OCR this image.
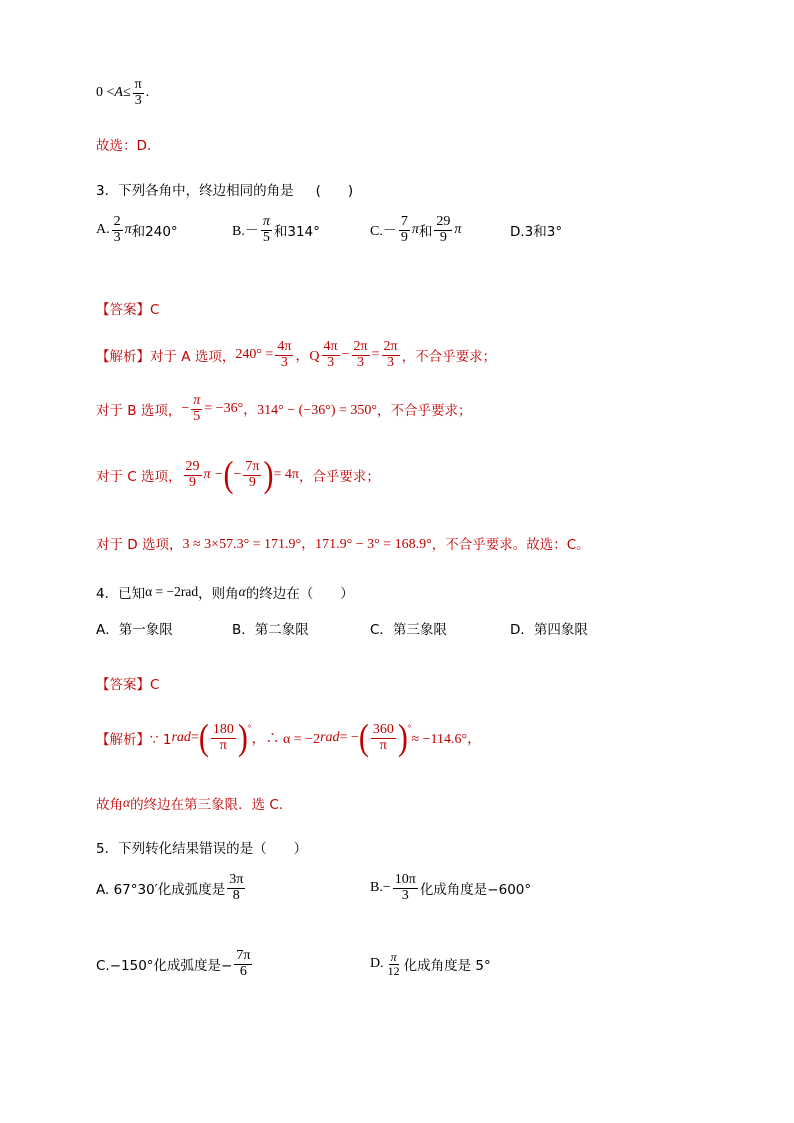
$0 < A \le \frac{\pi}{3}$ .
故选：D.
3．下列各角中，终边相同的角是 (　　)
A. $\frac{2}{3}$ π 和240°	$B.- \frac{\pi}{5}$ 和314°	$C.- \frac{7}{9}$ π 和 $\frac{29}{9}$ π	D.3和3°
【答案】C
【解析】对于 A 选项， $240^\circ = \frac{4\pi}{3}$ ，Q $\frac{4\pi}{3} - \frac{2\pi}{3} = \frac{2\pi}{3}$ ，不合乎要求；
对于 B 选项， − $\frac{\pi}{5} = -36^\circ$ ，314° − (−36°) = 350° ，不合乎要求；
对于 C 选项， $\frac{29}{9}$ π − ( − $\frac{7\pi}{9}$ ) = 4π ，合乎要求；
对于 D 选项， 3 ≈ 3×57.3° = 171.9°，171.9° − 3° = 168.9° ，不合乎要求。故选：C。
4．已知 α = −2rad ，则角 α 的终边在（　　）
A．第一象限	B．第二象限	C．第三象限	D．第四象限
【答案】C
【解析】∵ 1 rad = ( $\frac{180}{\pi} )^\circ$
，∴ α = −2 rad = − ( $\frac{360}{\pi} )^\circ$
≈ −114.6°，
故角 α 的终边在第三象限．选 C.
5．下列转化结果错误的是（　　）
A. 67°30′化成弧度是 $\frac{3\pi}{8}$	$B.- \frac{10\pi}{3}$ 化成角度是−600°
C.−150°化成弧度是− $\frac{7\pi}{6}$	D. $\frac{\pi}{12}$ 化成角度是 5°
